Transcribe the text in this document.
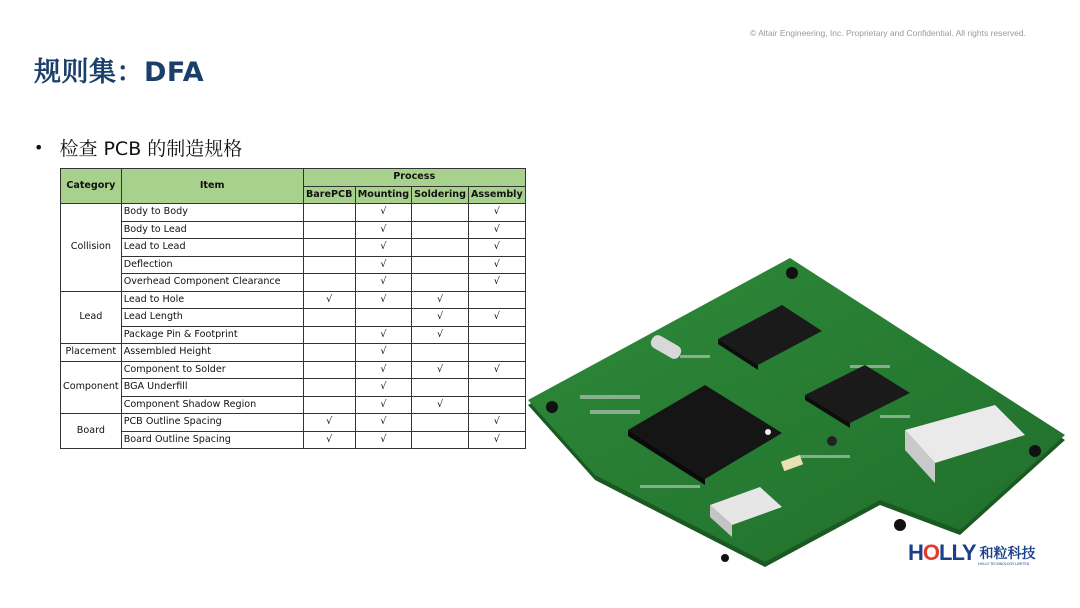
© Altair Engineering, Inc. Proprietary and Confidential. All rights reserved.
规则集：DFA
• 检查 PCB 的制造规格
Category	Item	Process			
		BarePCB	Mounting	Soldering	Assembly
Collision	Body to Body		√		√
	Body to Lead		√		√
	Lead to Lead		√		√
	Deflection		√		√
	Overhead Component Clearance		√		√
Lead	Lead to Hole	√	√	√	
	Lead Length			√	√
	Package Pin & Footprint		√	√	
Placement	Assembled Height		√		
Component	Component to Solder		√	√	√
	BGA Underfill		√		
	Component Shadow Region		√	√	
Board	PCB Outline Spacing	√	√		√
	Board Outline Spacing	√	√		√
HOLLY 和粒科技
HOLLY TECHNOLOGY LIMITED
